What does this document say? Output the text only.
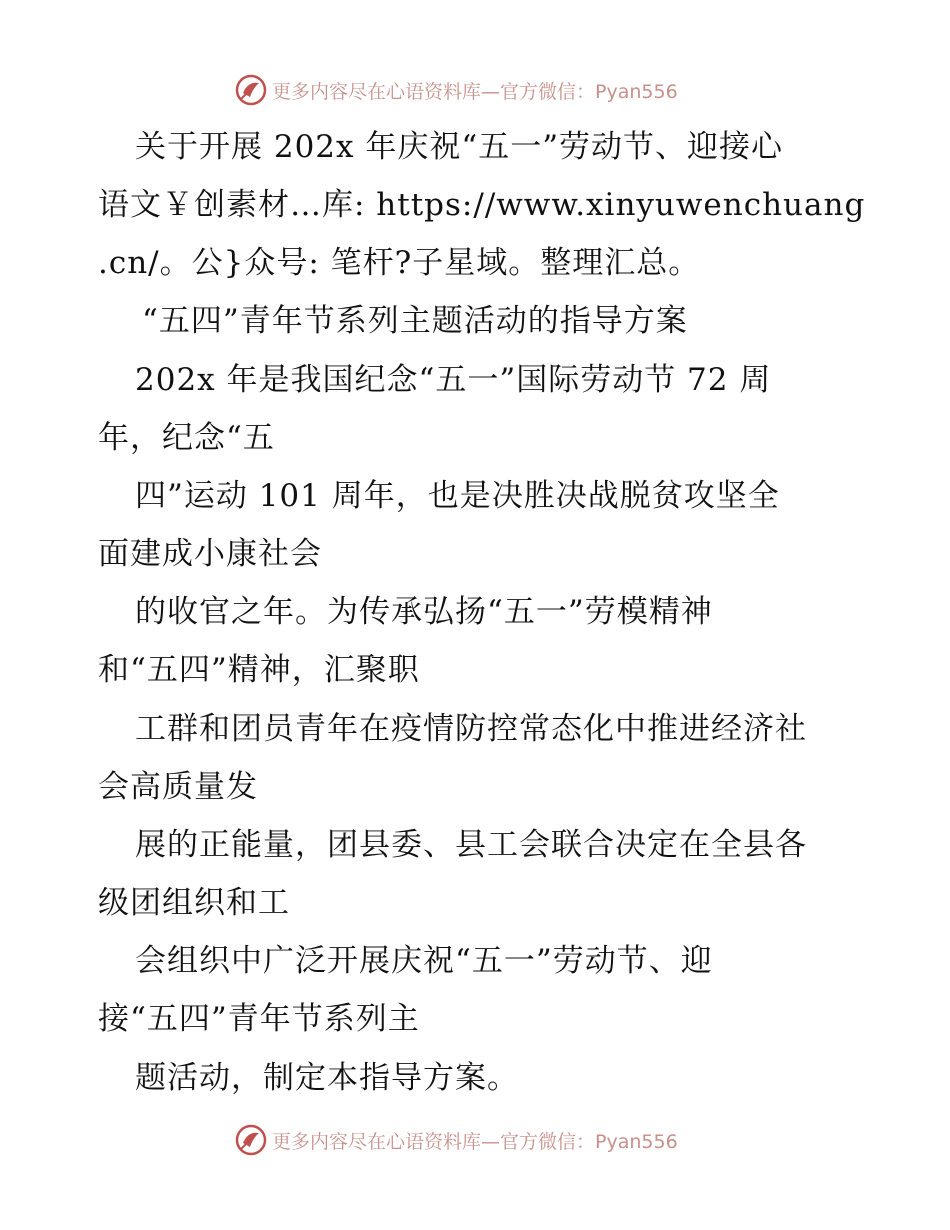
更多内容尽在心语资料库—官方微信：Pyan556
关于开展 202x 年庆祝“五一”劳动节、迎接心
语文￥创素材…库: https://www.xinyuwenchuang
.cn/。公}众号: 笔杆?子星域。整理汇总。
“五四”青年节系列主题活动的指导方案
202x 年是我国纪念“五一”国际劳动节 72 周
年，纪念“五
四”运动 101 周年，也是决胜决战脱贫攻坚全
面建成小康社会
的收官之年。为传承弘扬“五一”劳模精神
和“五四”精神，汇聚职
工群和团员青年在疫情防控常态化中推进经济社
会高质量发
展的正能量，团县委、县工会联合决定在全县各
级团组织和工
会组织中广泛开展庆祝“五一”劳动节、迎
接“五四”青年节系列主
题活动，制定本指导方案。
更多内容尽在心语资料库—官方微信：Pyan556
